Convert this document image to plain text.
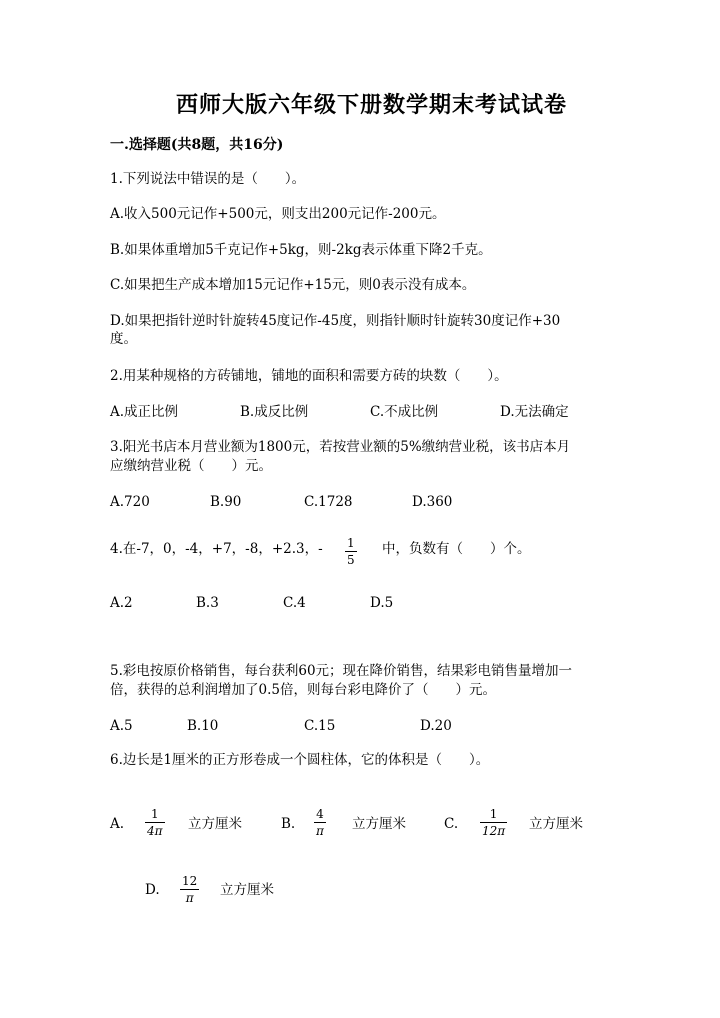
西师大版六年级下册数学期末考试试卷
一.选择题(共8题，共16分)
1.下列说法中错误的是（　　）。
A.收入500元记作+500元，则支出200元记作-200元。
B.如果体重增加5千克记作+5kg，则-2kg表示体重下降2千克。
C.如果把生产成本增加15元记作+15元，则0表示没有成本。
D.如果把指针逆时针旋转45度记作-45度，则指针顺时针旋转30度记作+30
度。
2.用某种规格的方砖铺地，铺地的面积和需要方砖的块数（　　）。
A.成正比例	B.成反比例	C.不成比例	D.无法确定
3.阳光书店本月营业额为1800元，若按营业额的5%缴纳营业税，该书店本月
应缴纳营业税（　　）元。
A.720	B.90	C.1728	D.360
4.在-7，0，-4，+7，-8，+2.3，- 1
5
中，负数有（　　）个。
A.2	B.3	C.4	D.5
5.彩电按原价格销售，每台获利60元；现在降价销售，结果彩电销售量增加一
倍，获得的总利润增加了0.5倍，则每台彩电降价了（　　）元。
A.5	B.10	C.15	D.20
6.边长是1厘米的正方形卷成一个圆柱体，它的体积是（　　）。
A.
1
4π 立方厘米	B.
4
π 立方厘米	C.
1
12π 立方厘米
D.
12
π 立方厘米
